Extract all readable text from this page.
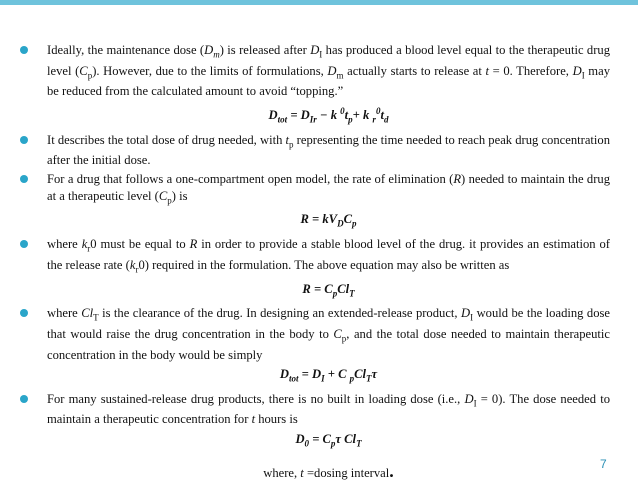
Ideally, the maintenance dose $(D_m)$ is released after $D_I$ has produced a blood level equal to the therapeutic drug level $(C_p)$. However, due to the limits of formulations, $D_m$ actually starts to release at t = 0. Therefore, $D_I$ may be reduced from the calculated amount to avoid “topping.”

$D_{tot} = D_{Ir} - k$ $^0t_p+ k$ $_r^0t_d$

It describes the total dose of drug needed, with $t_p$ representing the time needed to reach peak drug concentration after the initial dose.

For a drug that follows a one-compartment open model, the rate of elimination (R) needed to maintain the drug at a therapeutic level $(C_p)$ is

$R = kV_DC_p$

where $k_r0$ must be equal to R in order to provide a stable blood level of the drug. it provides an estimation of the release rate $(k_r0)$ required in the formulation. The above equation may also be written as

$R = C_pCl_T$

where $Cl_T$ is the clearance of the drug. In designing an extended-release product, $D_I$ would be the loading dose that would raise the drug concentration in the body to $C_p$, and the total dose needed to maintain therapeutic concentration in the body would be simply

$D_{tot} = D_I + C$ $_pCl_T\tau$

For many sustained-release drug products, there is no built in loading dose (i.e., $D_I = 0$). The dose needed to maintain a therapeutic concentration for t hours is

$D_0 = C_p\tau$ $Cl_T$
where, t =dosing interval.	7
